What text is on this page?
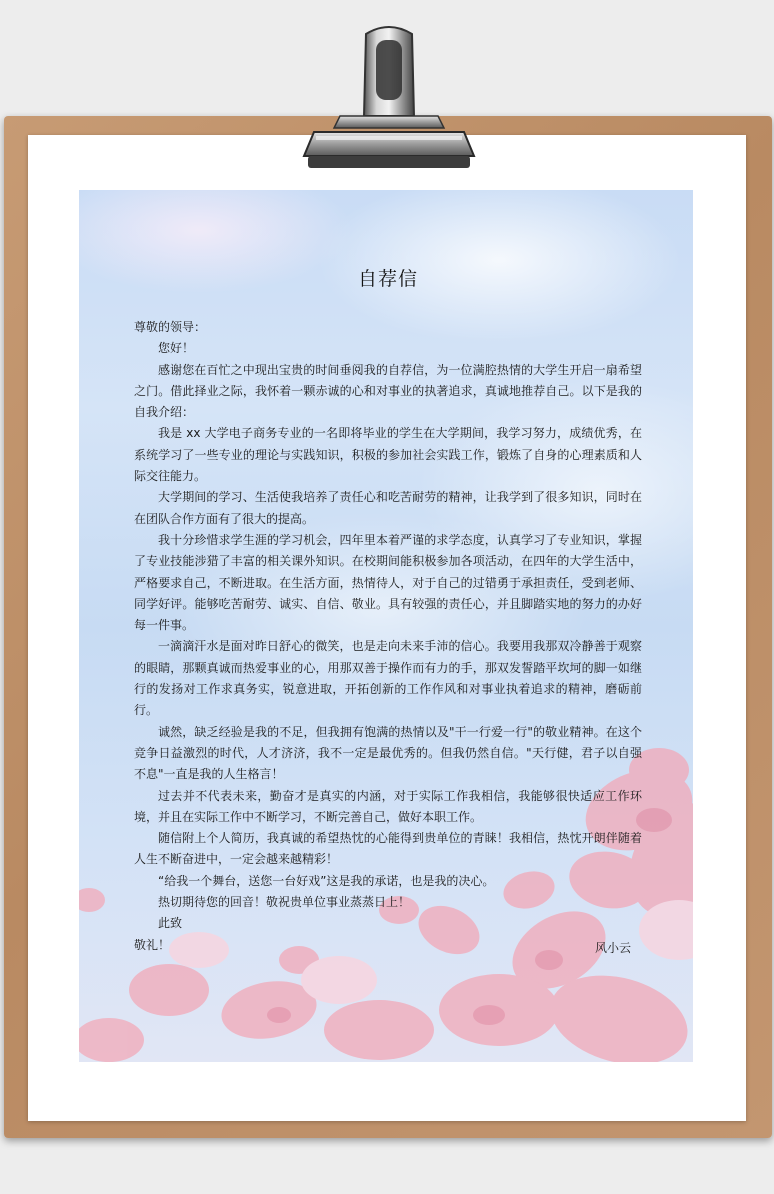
自荐信

尊敬的领导：

您好！

感谢您在百忙之中现出宝贵的时间垂阅我的自荐信，为一位满腔热情的大学生开启一扇希望之门。借此择业之际，我怀着一颗赤诚的心和对事业的执著追求，真诚地推荐自己。以下是我的自我介绍：

我是 xx 大学电子商务专业的一名即将毕业的学生在大学期间，我学习努力，成绩优秀，在系统学习了一些专业的理论与实践知识，积极的参加社会实践工作，锻炼了自身的心理素质和人际交往能力。

大学期间的学习、生活使我培养了责任心和吃苦耐劳的精神，让我学到了很多知识，同时在在团队合作方面有了很大的提高。

我十分珍惜求学生涯的学习机会，四年里本着严谨的求学态度，认真学习了专业知识，掌握了专业技能涉猎了丰富的相关课外知识。在校期间能积极参加各项活动，在四年的大学生活中，严格要求自己，不断进取。在生活方面，热情待人，对于自己的过错勇于承担责任，受到老师、同学好评。能够吃苦耐劳、诚实、自信、敬业。具有较强的责任心，并且脚踏实地的努力的办好每一件事。

一滴滴汗水是面对昨日舒心的微笑，也是走向未来手沛的信心。我要用我那双冷静善于观察的眼睛，那颗真诚而热爱事业的心，用那双善于操作而有力的手，那双发誓踏平坎坷的脚一如继行的发扬对工作求真务实，锐意进取，开拓创新的工作作风和对事业执着追求的精神，磨砺前行。

诚然，缺乏经验是我的不足，但我拥有饱满的热情以及"干一行爱一行"的敬业精神。在这个竞争日益激烈的时代，人才济济，我不一定是最优秀的。但我仍然自信。"天行健，君子以自强不息"一直是我的人生格言！

过去并不代表未来，勤奋才是真实的内涵，对于实际工作我相信，我能够很快适应工作环境，并且在实际工作中不断学习，不断完善自己，做好本职工作。

随信附上个人简历，我真诚的希望热忱的心能得到贵单位的青睐！我相信，热忱开朗伴随着人生不断奋进中，一定会越来越精彩！

“给我一个舞台，送您一台好戏”这是我的承诺，也是我的决心。

热切期待您的回音！敬祝贵单位事业蒸蒸日上！

此致

敬礼！	风小云
